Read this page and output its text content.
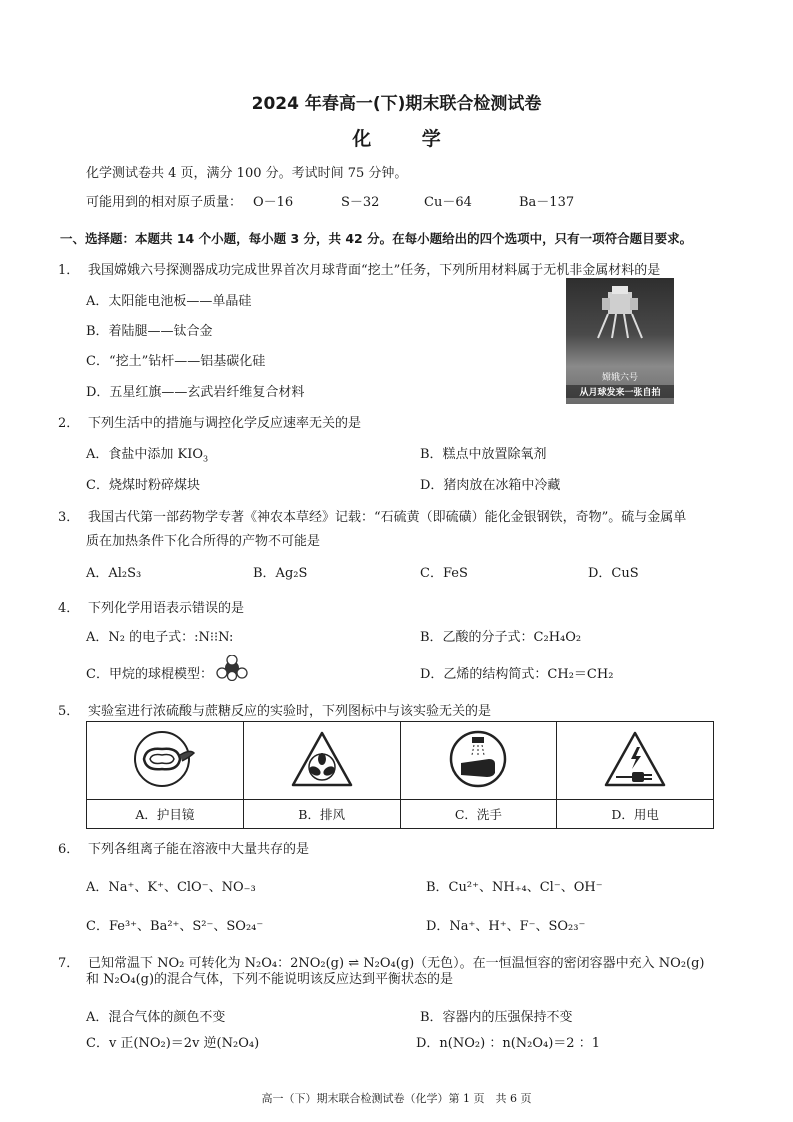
2024 年春高一(下)期末联合检测试卷
化 学
化学测试卷共 4 页，满分 100 分。考试时间 75 分钟。
可能用到的相对原子质量： O－16	S－32	Cu－64	Ba－137
一、选择题：本题共 14 个小题，每小题 3 分，共 42 分。在每小题给出的四个选项中，只有一项符合题目要求。
1． 我国嫦娥六号探测器成功完成世界首次月球背面“挖土”任务，下列所用材料属于无机非金属材料的是
A．太阳能电池板——单晶硅
B．着陆腿——钛合金
C．“挖土”钻杆——铝基碳化硅
D．五星红旗——玄武岩纤维复合材料
嫦娥六号
从月球发来一张自拍
2． 下列生活中的措施与调控化学反应速率无关的是
A．食盐中添加 $KIO_3$	B．糕点中放置除氧剂
C．烧煤时粉碎煤块	D．猪肉放在冰箱中冷藏
3． 我国古代第一部药物学专著《神农本草经》记载：“石硫黄（即硫磺）能化金银钢铁，奇物”。硫与金属单
质在加热条件下化合所得的产物不可能是
A．Al₂S₃	B．Ag₂S	C．FeS	D．CuS
4． 下列化学用语表示错误的是
A．N₂ 的电子式：:N⁝⁝N:	B．乙酸的分子式：C₂H₄O₂
C．甲烷的球棍模型：	D．乙烯的结构简式：CH₂＝CH₂
5． 实验室进行浓硫酸与蔗糖反应的实验时，下列图标中与该实验无关的是

A．护目镜	B．排风	C．洗手	D．用电
6． 下列各组离子能在溶液中大量共存的是
A．Na⁺、K⁺、ClO⁻、NO₋₃	B．Cu²⁺、NH₊₄、Cl⁻、OH⁻
C．Fe³⁺、Ba²⁺、S²⁻、SO₂₄⁻	D．Na⁺、H⁺、F⁻、SO₂₃⁻
7． 已知常温下 NO₂ 可转化为 N₂O₄：2NO₂(g) ⇌ N₂O₄(g)（无色）。在一恒温恒容的密闭容器中充入 NO₂(g)
和 N₂O₄(g)的混合气体，下列不能说明该反应达到平衡状态的是
A．混合气体的颜色不变	B．容器内的压强保持不变
C．v 正(NO₂)＝2v 逆(N₂O₄)	D．n(NO₂) ：n(N₂O₄)＝2 ：1
高一（下）期末联合检测试卷（化学）第 1 页　共 6 页
